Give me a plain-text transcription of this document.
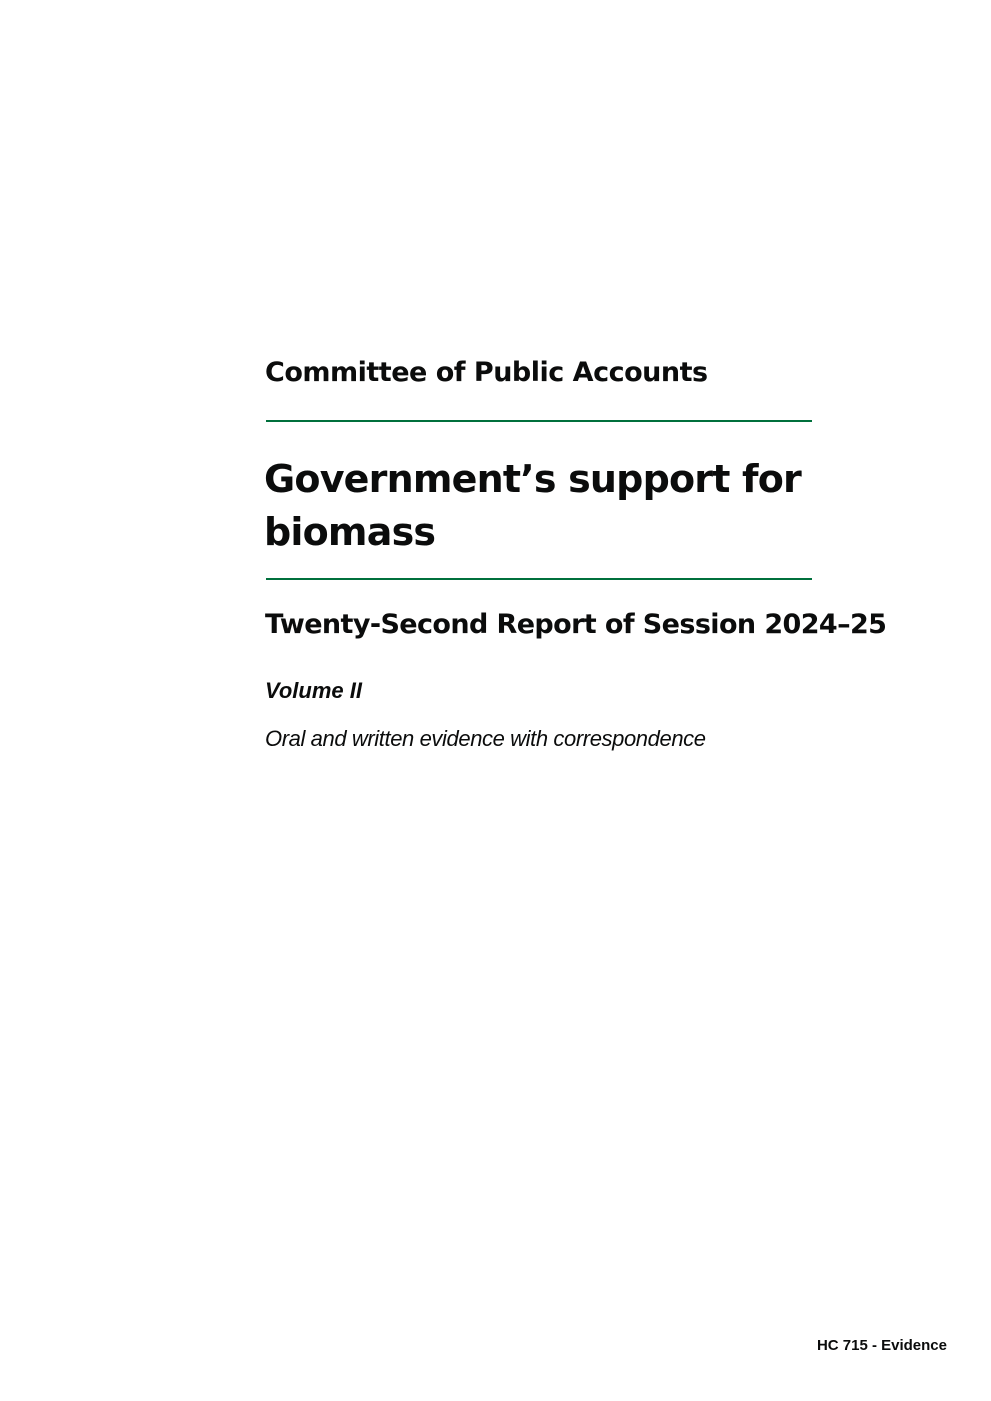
Committee of Public Accounts
Government’s support for biomass
Twenty-Second Report of Session 2024–25
Volume II
Oral and written evidence with correspondence
HC 715 - Evidence
